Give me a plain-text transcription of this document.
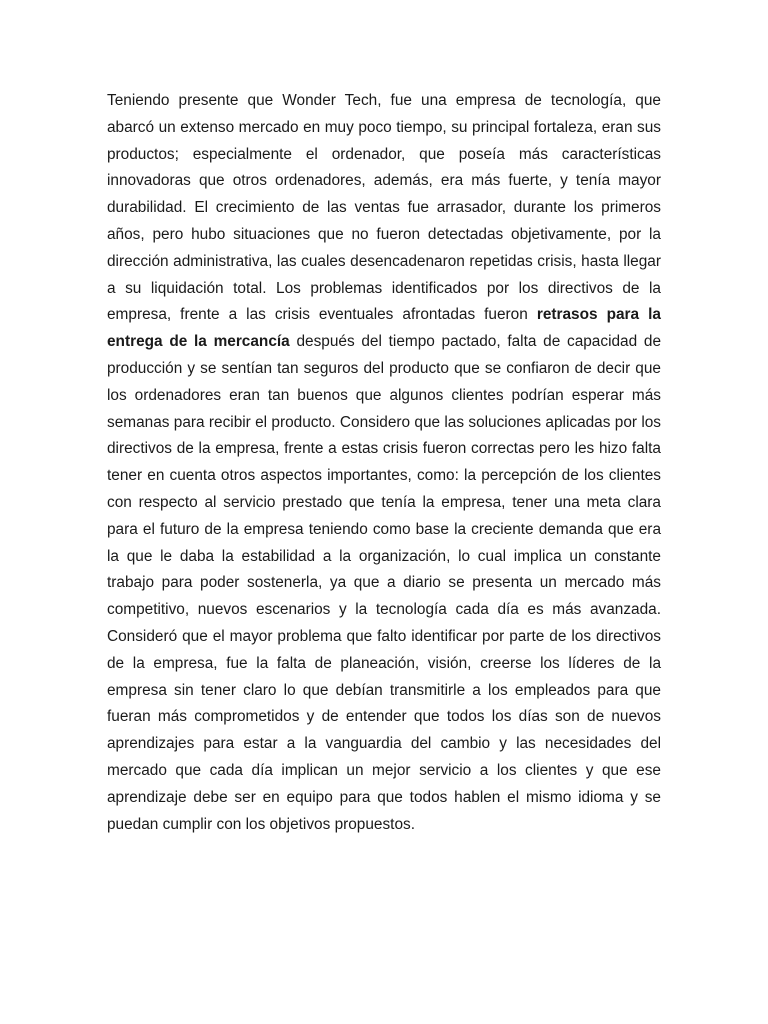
Teniendo presente que Wonder Tech, fue una empresa de tecnología, que abarcó un extenso mercado en muy poco tiempo, su principal fortaleza, eran sus productos; especialmente el ordenador, que poseía más características innovadoras que otros ordenadores, además, era más fuerte, y tenía mayor durabilidad. El crecimiento de las ventas fue arrasador, durante los primeros años, pero hubo situaciones que no fueron detectadas objetivamente, por la dirección administrativa, las cuales desencadenaron repetidas crisis, hasta llegar a su liquidación total. Los problemas identificados por los directivos de la empresa, frente a las crisis eventuales afrontadas fueron retrasos para la entrega de la mercancía después del tiempo pactado, falta de capacidad de producción y se sentían tan seguros del producto que se confiaron de decir que los ordenadores eran tan buenos que algunos clientes podrían esperar más semanas para recibir el producto. Considero que las soluciones aplicadas por los directivos de la empresa, frente a estas crisis fueron correctas pero les hizo falta tener en cuenta otros aspectos importantes, como: la percepción de los clientes con respecto al servicio prestado que tenía la empresa, tener una meta clara para el futuro de la empresa teniendo como base la creciente demanda que era la que le daba la estabilidad a la organización, lo cual implica un constante trabajo para poder sostenerla, ya que a diario se presenta un mercado más competitivo, nuevos escenarios y la tecnología cada día es más avanzada. Consideró que el mayor problema que falto identificar por parte de los directivos de la empresa, fue la falta de planeación, visión, creerse los líderes de la empresa sin tener claro lo que debían transmitirle a los empleados para que fueran más comprometidos y de entender que todos los días son de nuevos aprendizajes para estar a la vanguardia del cambio y las necesidades del mercado que cada día implican un mejor servicio a los clientes y que ese aprendizaje debe ser en equipo para que todos hablen el mismo idioma y se puedan cumplir con los objetivos propuestos.
